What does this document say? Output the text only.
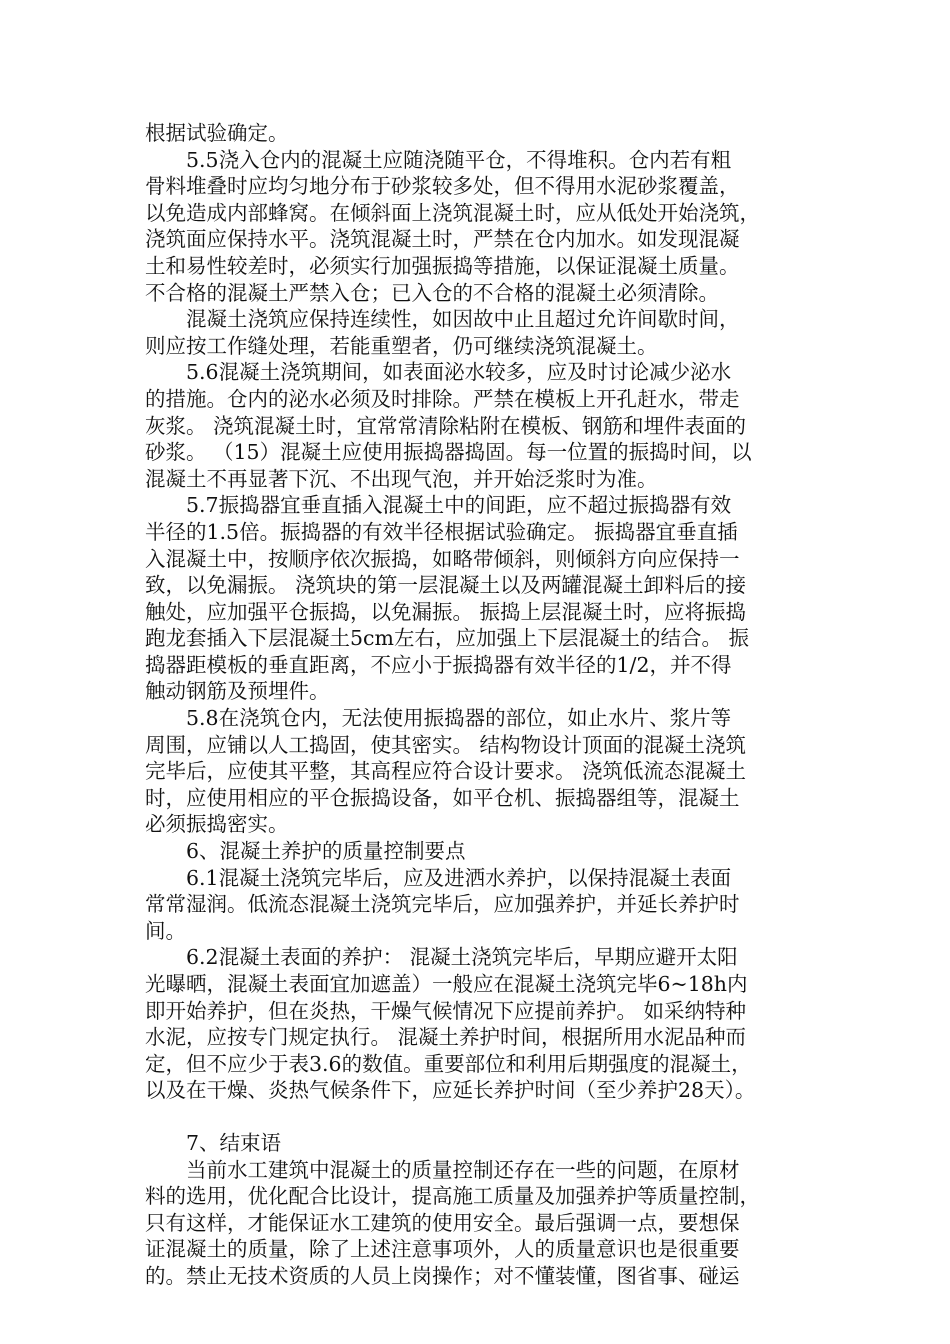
根据试验确定。

5.5浇入仓内的混凝土应随浇随平仓，不得堆积。仓内若有粗
骨料堆叠时应均匀地分布于砂浆较多处，但不得用水泥砂浆覆盖，
以免造成内部蜂窝。在倾斜面上浇筑混凝土时，应从低处开始浇筑，
浇筑面应保持水平。浇筑混凝土时，严禁在仓内加水。如发现混凝
土和易性较差时，必须实行加强振捣等措施，以保证混凝土质量。
不合格的混凝土严禁入仓；已入仓的不合格的混凝土必须清除。

混凝土浇筑应保持连续性，如因故中止且超过允许间歇时间，
则应按工作缝处理，若能重塑者，仍可继续浇筑混凝土。

5.6混凝土浇筑期间，如表面泌水较多，应及时讨论减少泌水
的措施。仓内的泌水必须及时排除。严禁在模板上开孔赶水，带走
灰浆。 浇筑混凝土时，宜常常清除粘附在模板、钢筋和埋件表面的
砂浆。 （15）混凝土应使用振捣器捣固。每一位置的振捣时间，以
混凝土不再显著下沉、不出现气泡，并开始泛浆时为准。

5.7振捣器宜垂直插入混凝土中的间距，应不超过振捣器有效
半径的1.5倍。振捣器的有效半径根据试验确定。 振捣器宜垂直插
入混凝土中，按顺序依次振捣，如略带倾斜，则倾斜方向应保持一
致，以免漏振。 浇筑块的第一层混凝土以及两罐混凝土卸料后的接
触处，应加强平仓振捣，以免漏振。 振捣上层混凝土时，应将振捣
跑龙套插入下层混凝土5cm左右，应加强上下层混凝土的结合。 振
捣器距模板的垂直距离，不应小于振捣器有效半径的1/2，并不得
触动钢筋及预埋件。

5.8在浇筑仓内，无法使用振捣器的部位，如止水片、浆片等
周围，应铺以人工捣固，使其密实。 结构物设计顶面的混凝土浇筑
完毕后，应使其平整，其高程应符合设计要求。 浇筑低流态混凝土
时，应使用相应的平仓振捣设备，如平仓机、振捣器组等，混凝土
必须振捣密实。

6、混凝土养护的质量控制要点

6.1混凝土浇筑完毕后，应及进洒水养护，以保持混凝土表面
常常湿润。低流态混凝土浇筑完毕后，应加强养护，并延长养护时
间。

6.2混凝土表面的养护： 混凝土浇筑完毕后，早期应避开太阳
光曝晒，混凝土表面宜加遮盖）一般应在混凝土浇筑完毕6~18h内
即开始养护，但在炎热，干燥气候情况下应提前养护。 如采纳特种
水泥，应按专门规定执行。 混凝土养护时间，根据所用水泥品种而
定，但不应少于表3.6的数值。重要部位和利用后期强度的混凝土，
以及在干燥、炎热气候条件下，应延长养护时间（至少养护28天）。

7、结束语

当前水工建筑中混凝土的质量控制还存在一些的问题，在原材
料的选用，优化配合比设计，提高施工质量及加强养护等质量控制，
只有这样，才能保证水工建筑的使用安全。最后强调一点，要想保
证混凝土的质量，除了上述注意事项外，人的质量意识也是很重要
的。禁止无技术资质的人员上岗操作；对不懂装懂，图省事、碰运
